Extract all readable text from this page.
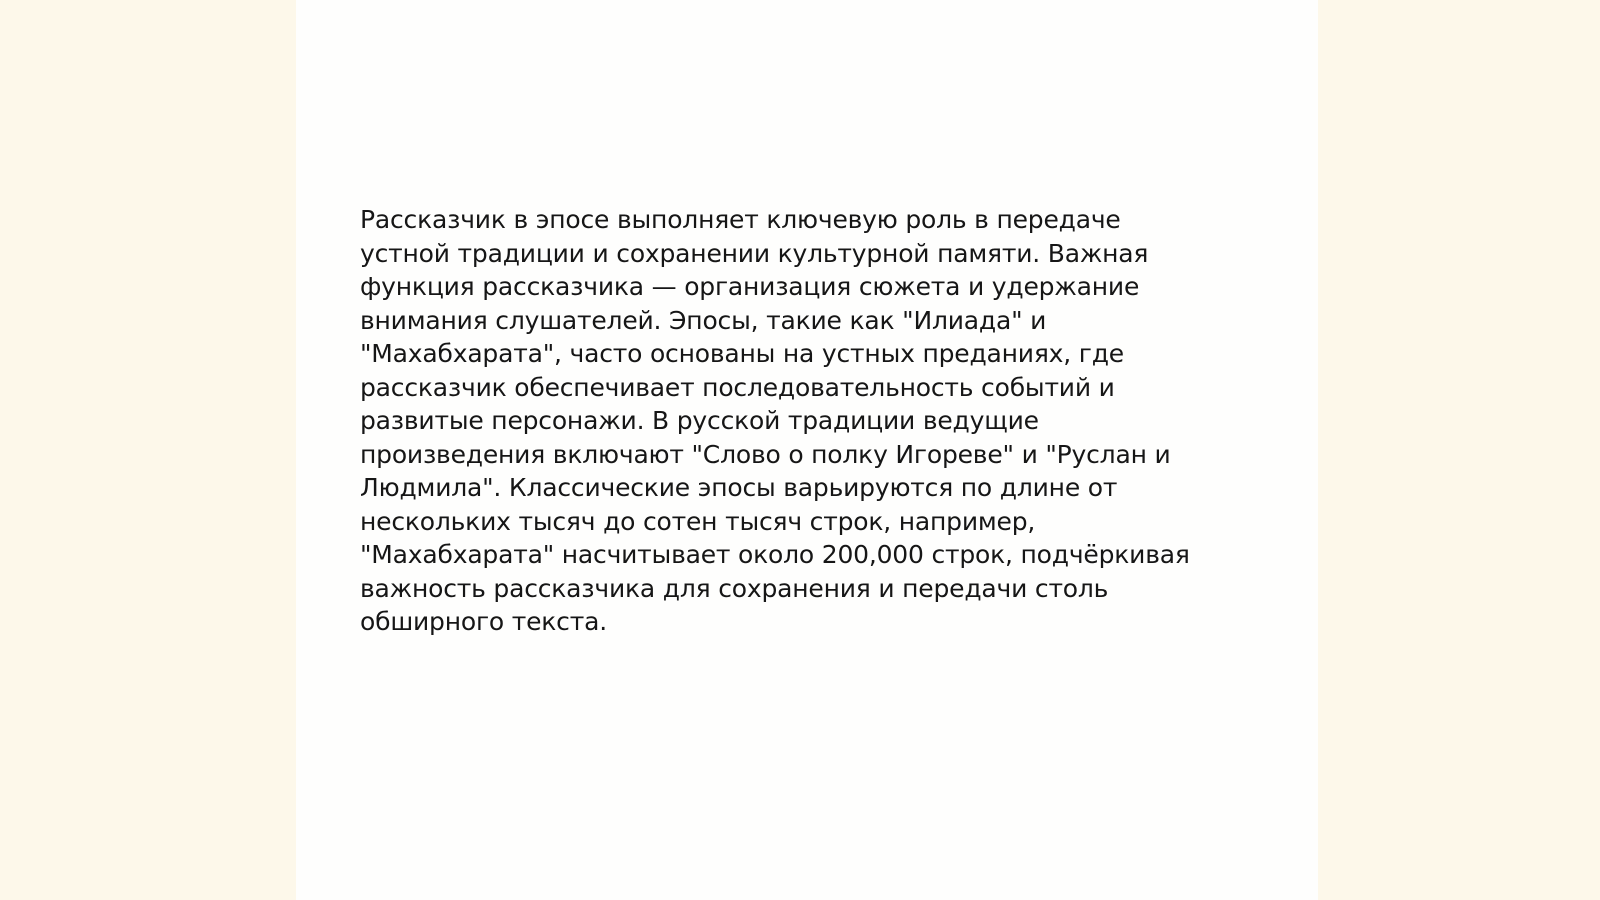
Рассказчик в эпосе выполняет ключевую роль в передаче
устной традиции и сохранении культурной памяти. Важная
функция рассказчика — организация сюжета и удержание
внимания слушателей. Эпосы, такие как "Илиада" и
"Махабхарата", часто основаны на устных преданиях, где
рассказчик обеспечивает последовательность событий и
развитые персонажи. В русской традиции ведущие
произведения включают "Слово о полку Игореве" и "Руслан и
Людмила". Классические эпосы варьируются по длине от
нескольких тысяч до сотен тысяч строк, например,
"Махабхарата" насчитывает около 200,000 строк, подчёркивая
важность рассказчика для сохранения и передачи столь
обширного текста.
